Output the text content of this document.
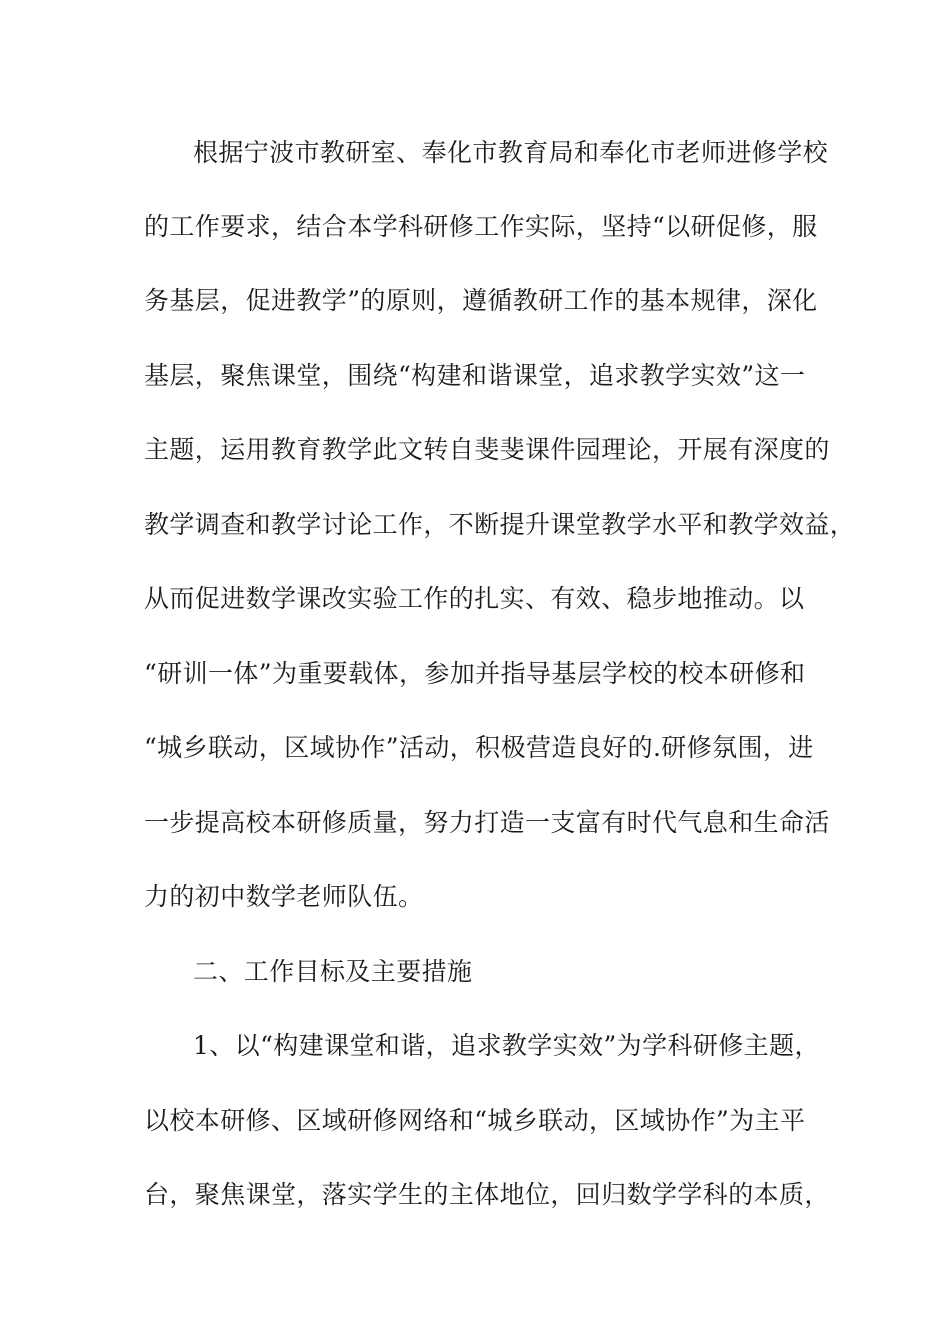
根据宁波市教研室、奉化市教育局和奉化市老师进修学校
的工作要求，结合本学科研修工作实际，坚持“以研促修，服
务基层，促进教学”的原则，遵循教研工作的基本规律，深化
基层，聚焦课堂，围绕“构建和谐课堂，追求教学实效”这一
主题，运用教育教学此文转自斐斐课件园理论，开展有深度的
教学调查和教学讨论工作，不断提升课堂教学水平和教学效益，
从而促进数学课改实验工作的扎实、有效、稳步地推动。以
“研训一体”为重要载体，参加并指导基层学校的校本研修和
“城乡联动，区域协作”活动，积极营造良好的.研修氛围，进
一步提高校本研修质量，努力打造一支富有时代气息和生命活
力的初中数学老师队伍。
二、工作目标及主要措施
1、以“构建课堂和谐，追求教学实效”为学科研修主题，
以校本研修、区域研修网络和“城乡联动，区域协作”为主平
台，聚焦课堂，落实学生的主体地位，回归数学学科的本质，
